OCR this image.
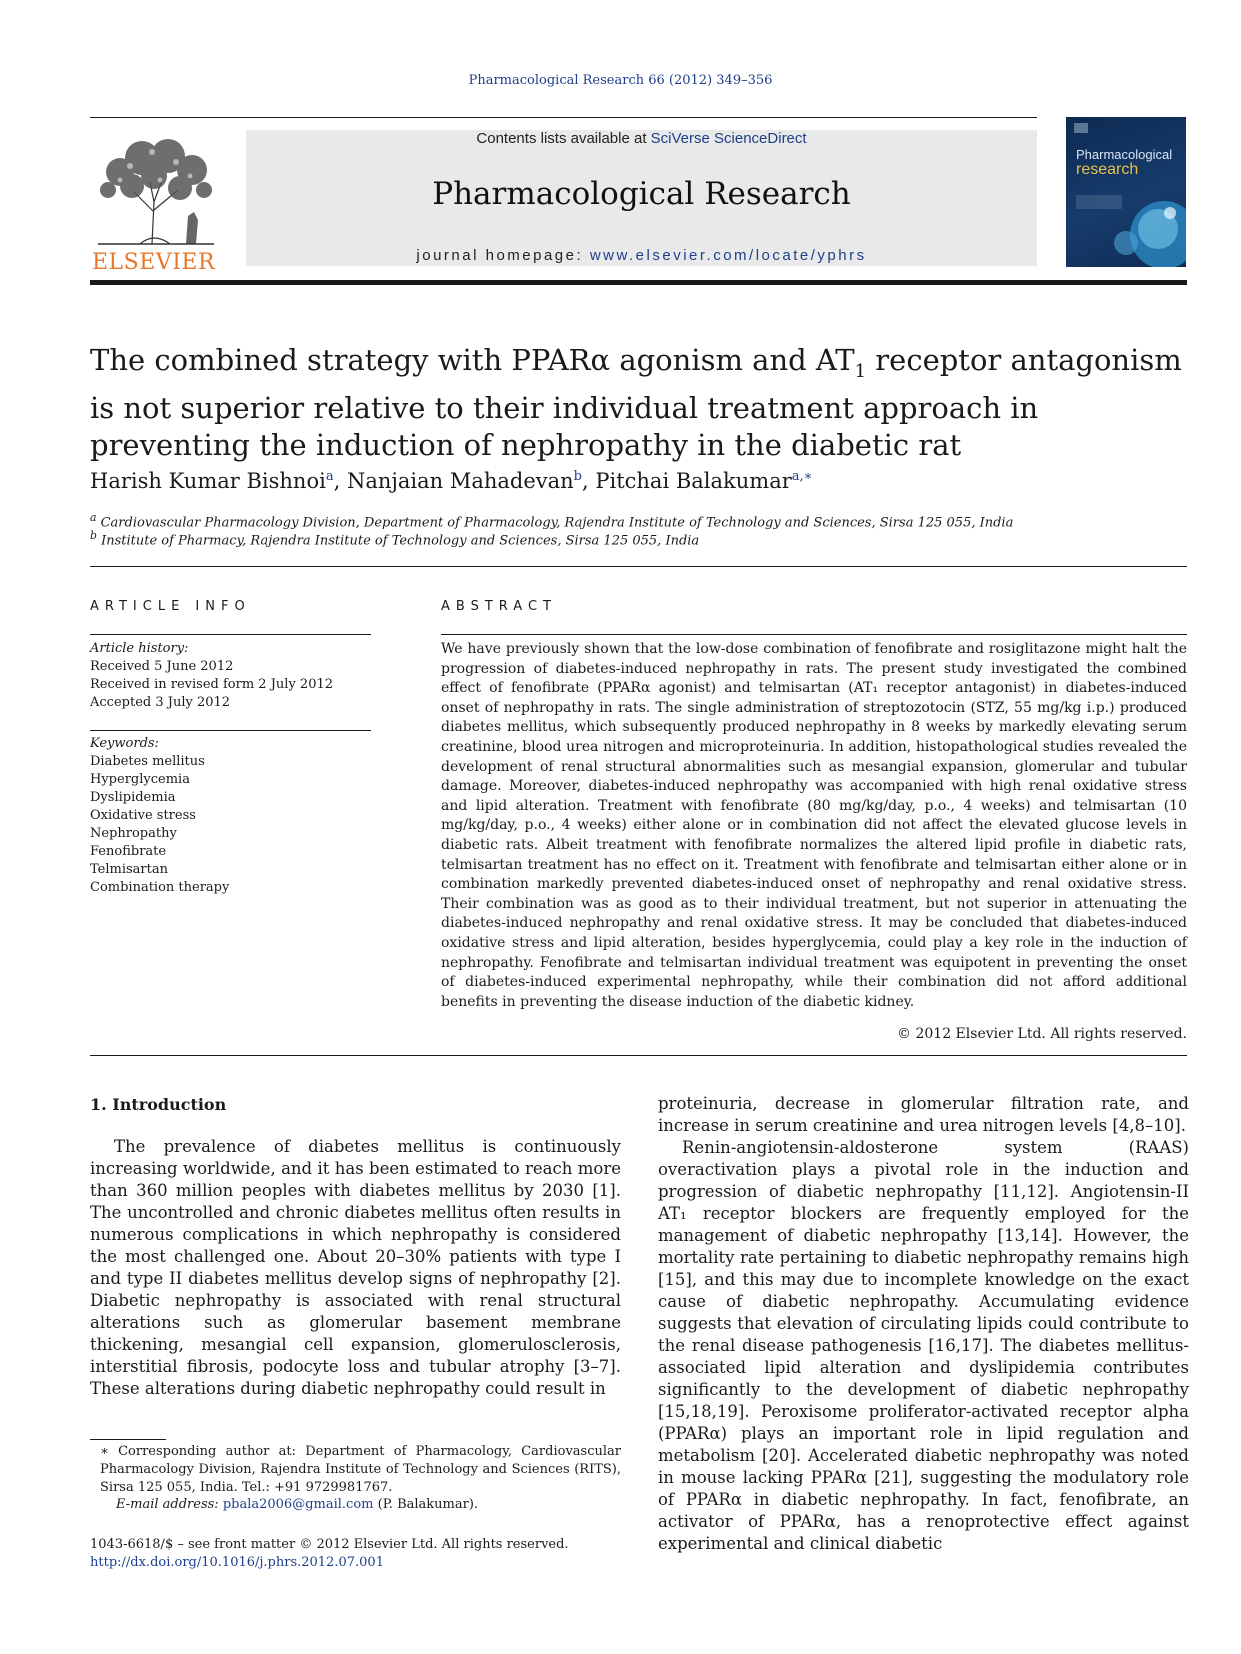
Pharmacological Research 66 (2012) 349–356
ELSEVIER
Contents lists available at SciVerse ScienceDirect
Pharmacological Research
journal homepage: www.elsevier.com/locate/yphrs
Pharmacological
research
The combined strategy with PPARα agonism and $AT_1$ receptor antagonism is not superior relative to their individual treatment approach in preventing the induction of nephropathy in the diabetic rat
Harish Kumar Bishnoi$^a$, Nanjaian Mahadevan$^b$, Pitchai Balakumar$^{a,∗}$
$^a$ Cardiovascular Pharmacology Division, Department of Pharmacology, Rajendra Institute of Technology and Sciences, Sirsa 125 055, India
$^b$ Institute of Pharmacy, Rajendra Institute of Technology and Sciences, Sirsa 125 055, India
ARTICLE INFO	ABSTRACT
Article history:
Received 5 June 2012
Received in revised form 2 July 2012
Accepted 3 July 2012
Keywords:
Diabetes mellitus
Hyperglycemia
Dyslipidemia
Oxidative stress
Nephropathy
Fenofibrate
Telmisartan
Combination therapy
We have previously shown that the low-dose combination of fenofibrate and rosiglitazone might halt the progression of diabetes-induced nephropathy in rats. The present study investigated the combined effect of fenofibrate (PPARα agonist) and telmisartan (AT₁ receptor antagonist) in diabetes-induced onset of nephropathy in rats. The single administration of streptozotocin (STZ, 55 mg/kg i.p.) produced diabetes mellitus, which subsequently produced nephropathy in 8 weeks by markedly elevating serum creatinine, blood urea nitrogen and microproteinuria. In addition, histopathological studies revealed the development of renal structural abnormalities such as mesangial expansion, glomerular and tubular damage. Moreover, diabetes-induced nephropathy was accompanied with high renal oxidative stress and lipid alteration. Treatment with fenofibrate (80 mg/kg/day, p.o., 4 weeks) and telmisartan (10 mg/kg/day, p.o., 4 weeks) either alone or in combination did not affect the elevated glucose levels in diabetic rats. Albeit treatment with fenofibrate normalizes the altered lipid profile in diabetic rats, telmisartan treatment has no effect on it. Treatment with fenofibrate and telmisartan either alone or in combination markedly prevented diabetes-induced onset of nephropathy and renal oxidative stress. Their combination was as good as to their individual treatment, but not superior in attenuating the diabetes-induced nephropathy and renal oxidative stress. It may be concluded that diabetes-induced oxidative stress and lipid alteration, besides hyperglycemia, could play a key role in the induction of nephropathy. Fenofibrate and telmisartan individual treatment was equipotent in preventing the onset of diabetes-induced experimental nephropathy, while their combination did not afford additional benefits in preventing the disease induction of the diabetic kidney.
© 2012 Elsevier Ltd. All rights reserved.
1. Introduction

The prevalence of diabetes mellitus is continuously increasing worldwide, and it has been estimated to reach more than 360 million peoples with diabetes mellitus by 2030 [1]. The uncontrolled and chronic diabetes mellitus often results in numerous complications in which nephropathy is considered the most challenged one. About 20–30% patients with type I and type II diabetes mellitus develop signs of nephropathy [2]. Diabetic nephropathy is associated with renal structural alterations such as glomerular basement membrane thickening, mesangial cell expansion, glomerulosclerosis, interstitial fibrosis, podocyte loss and tubular atrophy [3–7]. These alterations during diabetic nephropathy could result in

proteinuria, decrease in glomerular filtration rate, and increase in serum creatinine and urea nitrogen levels [4,8–10].

Renin-angiotensin-aldosterone system (RAAS) overactivation plays a pivotal role in the induction and progression of diabetic nephropathy [11,12]. Angiotensin-II AT₁ receptor blockers are frequently employed for the management of diabetic nephropathy [13,14]. However, the mortality rate pertaining to diabetic nephropathy remains high [15], and this may due to incomplete knowledge on the exact cause of diabetic nephropathy. Accumulating evidence suggests that elevation of circulating lipids could contribute to the renal disease pathogenesis [16,17]. The diabetes mellitus-associated lipid alteration and dyslipidemia contributes significantly to the development of diabetic nephropathy [15,18,19]. Peroxisome proliferator-activated receptor alpha (PPARα) plays an important role in lipid regulation and metabolism [20]. Accelerated diabetic nephropathy was noted in mouse lacking PPARα [21], suggesting the modulatory role of PPARα in diabetic nephropathy. In fact, fenofibrate, an activator of PPARα, has a renoprotective effect against experimental and clinical diabetic

∗ Corresponding author at: Department of Pharmacology, Cardiovascular Pharmacology Division, Rajendra Institute of Technology and Sciences (RITS), Sirsa 125 055, India. Tel.: +91 9729981767.
E-mail address: pbala2006@gmail.com (P. Balakumar).
1043-6618/$ – see front matter © 2012 Elsevier Ltd. All rights reserved.
http://dx.doi.org/10.1016/j.phrs.2012.07.001
